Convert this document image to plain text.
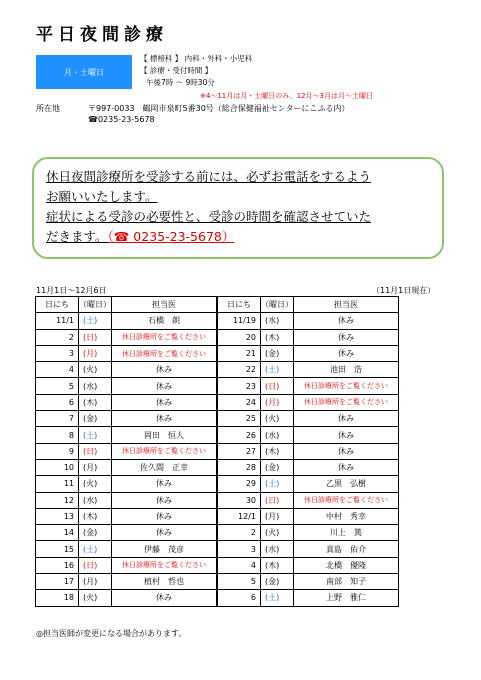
平日夜間診療
月・土曜日
【 標榜科 】 内科・外科・小児科
【 診療・受付時間 】
午後7時 〜 9時30分
※4〜11月は月・土曜日のみ、12月〜3月は月〜土曜日
所在地	〒997-0033　鶴岡市泉町5番30号（総合保健福祉センターにこふる内）
☎0235-23-5678
休日夜間診療所を受診する前には、必ずお電話をするよう
お願いいたします。
症状による受診の必要性と、受診の時間を確認させていた
だきます。（☎ 0235-23-5678）
11月1日〜12月6日	（11月1日現在）
日にち	（曜日）	担当医	日にち	（曜日）	担当医
11/1	(土)	石橋　朗	11/19	(水)	休み
2	(日)	休日診療所をご覧ください	20	(木)	休み
3	(月)	休日診療所をご覧ください	21	(金)	休み
4	(火)	休み	22	(土)	池田　浩
5	(水)	休み	23	(日)	休日診療所をご覧ください
6	(木)	休み	24	(月)	休日診療所をご覧ください
7	(金)	休み	25	(火)	休み
8	(土)	岡田　恒人	26	(水)	休み
9	(日)	休日診療所をご覧ください	27	(木)	休み
10	(月)	佐久間　正幸	28	(金)	休み
11	(火)	休み	29	(土)	乙黒　弘樹
12	(水)	休み	30	(日)	休日診療所をご覧ください
13	(木)	休み	12/1	(月)	中村　秀幸
14	(金)	休み	2	(火)	川上　篤
15	(土)	伊藤　茂彦	3	(水)	真島　佑介
16	(日)	休日診療所をご覧ください	4	(木)	北橋　優隆
17	(月)	植村　哲也	5	(金)	南部　知子
18	(火)	休み	6	(土)	上野　雅仁
◎担当医師が変更になる場合があります。
